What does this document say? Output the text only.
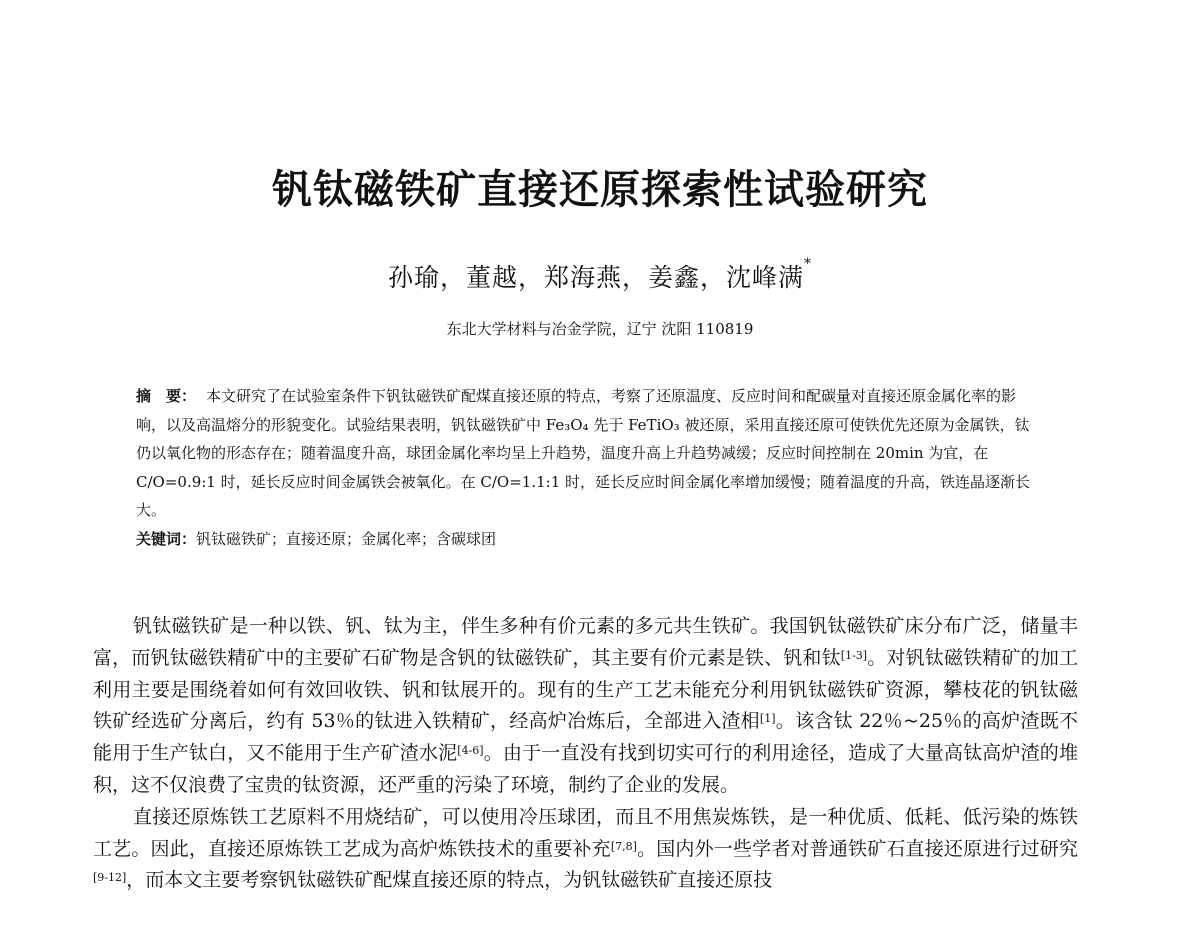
钒钛磁铁矿直接还原探索性试验研究
孙瑜，董越，郑海燕，姜鑫，沈峰满*
东北大学材料与冶金学院，辽宁 沈阳 110819

摘　要： 本文研究了在试验室条件下钒钛磁铁矿配煤直接还原的特点，考察了还原温度、反应时间和配碳量对直接还原金属化率的影响，以及高温熔分的形貌变化。试验结果表明，钒钛磁铁矿中 Fe₃O₄ 先于 FeTiO₃ 被还原，采用直接还原可使铁优先还原为金属铁，钛仍以氧化物的形态存在；随着温度升高，球团金属化率均呈上升趋势，温度升高上升趋势减缓；反应时间控制在 20min 为宜，在 C/O=0.9:1 时，延长反应时间金属铁会被氧化。在 C/O=1.1:1 时，延长反应时间金属化率增加缓慢；随着温度的升高，铁连晶逐渐长大。

关键词：钒钛磁铁矿；直接还原；金属化率；含碳球团

钒钛磁铁矿是一种以铁、钒、钛为主，伴生多种有价元素的多元共生铁矿。我国钒钛磁铁矿床分布广泛，储量丰富，而钒钛磁铁精矿中的主要矿石矿物是含钒的钛磁铁矿，其主要有价元素是铁、钒和钛[1-3]。对钒钛磁铁精矿的加工利用主要是围绕着如何有效回收铁、钒和钛展开的。现有的生产工艺未能充分利用钒钛磁铁矿资源，攀枝花的钒钛磁铁矿经选矿分离后，约有 53％的钛进入铁精矿，经高炉冶炼后，全部进入渣相[1]。该含钛 22％~25％的高炉渣既不能用于生产钛白，又不能用于生产矿渣水泥[4-6]。由于一直没有找到切实可行的利用途径，造成了大量高钛高炉渣的堆积，这不仅浪费了宝贵的钛资源，还严重的污染了环境，制约了企业的发展。

直接还原炼铁工艺原料不用烧结矿，可以使用冷压球团，而且不用焦炭炼铁，是一种优质、低耗、低污染的炼铁工艺。因此，直接还原炼铁工艺成为高炉炼铁技术的重要补充[7,8]。国内外一些学者对普通铁矿石直接还原进行过研究[9-12]，而本文主要考察钒钛磁铁矿配煤直接还原的特点，为钒钛磁铁矿直接还原技
